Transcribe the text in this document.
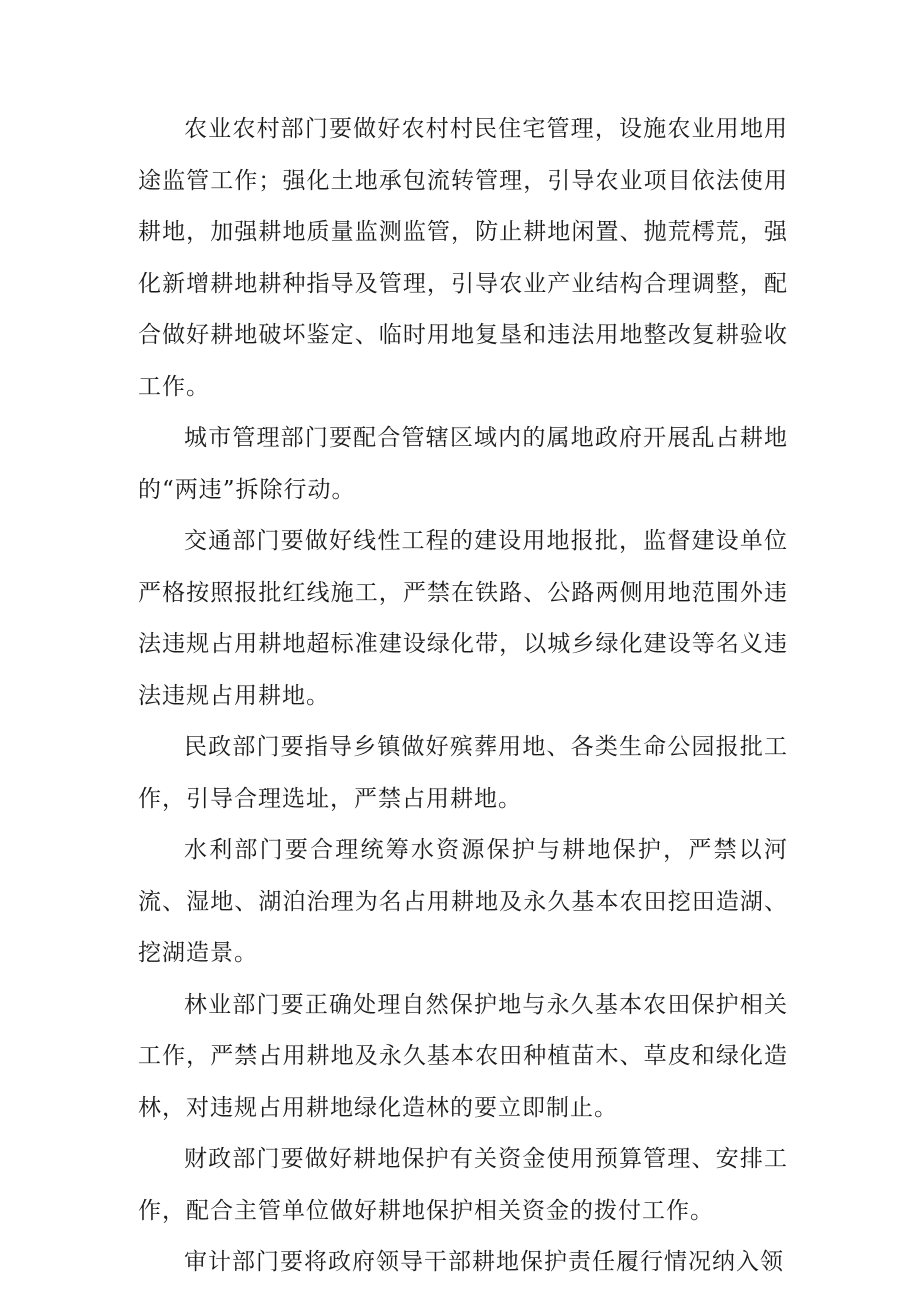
农业农村部门要做好农村村民住宅管理，设施农业用地用途监管工作；强化土地承包流转管理，引导农业项目依法使用耕地，加强耕地质量监测监管，防止耕地闲置、抛荒樗荒，强化新增耕地耕种指导及管理，引导农业产业结构合理调整，配合做好耕地破坏鉴定、临时用地复垦和违法用地整改复耕验收工作。

城市管理部门要配合管辖区域内的属地政府开展乱占耕地的“两违”拆除行动。

交通部门要做好线性工程的建设用地报批，监督建设单位严格按照报批红线施工，严禁在铁路、公路两侧用地范围外违法违规占用耕地超标准建设绿化带，以城乡绿化建设等名义违法违规占用耕地。

民政部门要指导乡镇做好殡葬用地、各类生命公园报批工作，引导合理选址，严禁占用耕地。

水利部门要合理统筹水资源保护与耕地保护，严禁以河流、湿地、湖泊治理为名占用耕地及永久基本农田挖田造湖、挖湖造景。

林业部门要正确处理自然保护地与永久基本农田保护相关工作，严禁占用耕地及永久基本农田种植苗木、草皮和绿化造林，对违规占用耕地绿化造林的要立即制止。

财政部门要做好耕地保护有关资金使用预算管理、安排工作，配合主管单位做好耕地保护相关资金的拨付工作。

审计部门要将政府领导干部耕地保护责任履行情况纳入领
